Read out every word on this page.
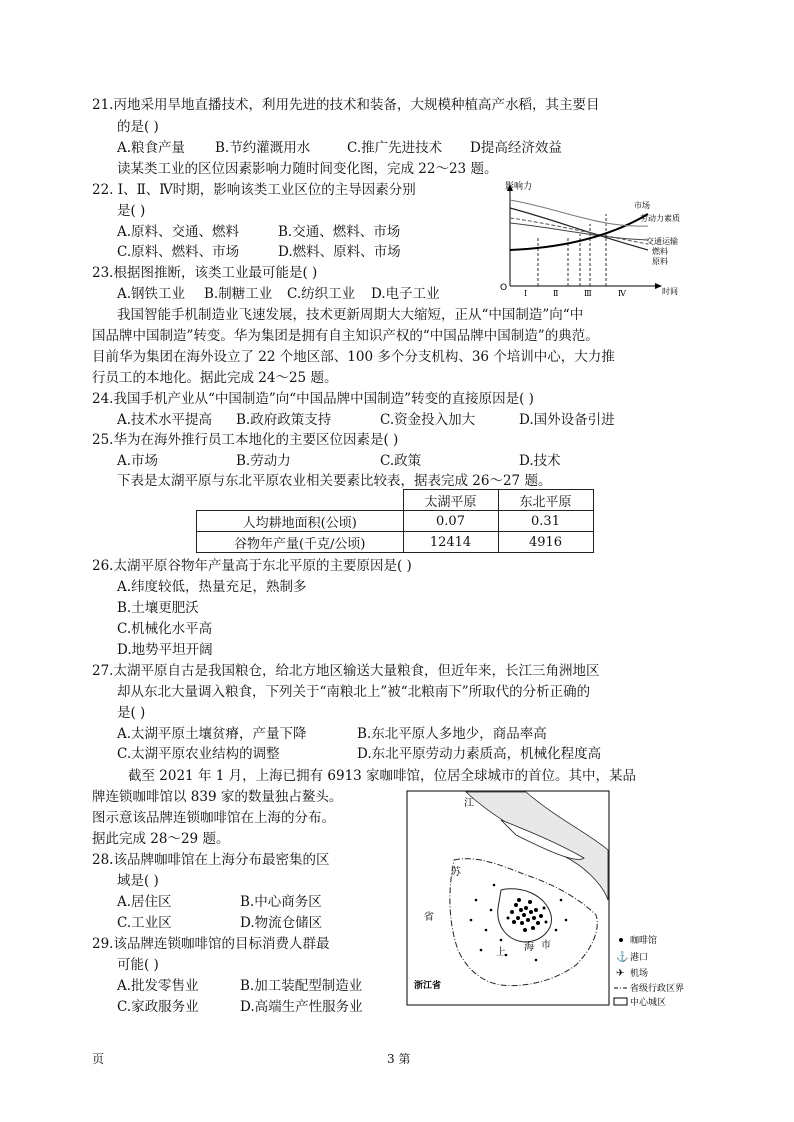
21.丙地采用旱地直播技术，利用先进的技术和装备，大规模种植高产水稻，其主要目
的是( )
A.粮食产量 B.节约灌溉用水	C.推广先进技术 D提高经济效益
读某类工业的区位因素影响力随时间变化图，完成 22～23 题。
22. Ⅰ、Ⅱ、Ⅳ时期，影响该类工业区位的主导因素分别
是( )
A.原料、交通、燃料	B.交通、燃料、市场
C.原料、燃料、市场	D.燃料、原料、市场
23.根据图推断，该类工业最可能是( )
A.钢铁工业 B.制糖工业 C.纺织工业 D.电子工业
影响力
O	时间
Ⅰ	Ⅱ	Ⅲ	Ⅳ
市场
劳动力素质
交通运输
燃料
原料
我国智能手机制造业飞速发展，技术更新周期大大缩短，正从“中国制造”向“中
国品牌中国制造”转变。华为集团是拥有自主知识产权的“中国品牌中国制造”的典范。
目前华为集团在海外设立了 22 个地区部、100 多个分支机构、36 个培训中心，大力推
行员工的本地化。据此完成 24～25 题。
24.我国手机产业从“中国制造”向“中国品牌中国制造”转变的直接原因是( )
A.技术水平提高 B.政府政策支持	C.资金投入加大	D.国外设备引进
25.华为在海外推行员工本地化的主要区位因素是( )
A.市场	B.劳动力	C.政策	D.技术
下表是太湖平原与东北平原农业相关要素比较表，据表完成 26～27 题。
	太湖平原	东北平原
人均耕地面积(公顷)	0.07	0.31
谷物年产量(千克/公顷)	12414	4916
26.太湖平原谷物年产量高于东北平原的主要原因是( )
A.纬度较低，热量充足，熟制多
B.土壤更肥沃
C.机械化水平高
D.地势平坦开阔
27.太湖平原自古是我国粮仓，给北方地区输送大量粮食，但近年来，长江三角洲地区
却从东北大量调入粮食，下列关于“南粮北上”被“北粮南下”所取代的分析正确的
是( )
A.太湖平原土壤贫瘠，产量下降	B.东北平原人多地少，商品率高
C.太湖平原农业结构的调整	D.东北平原劳动力素质高，机械化程度高
截至 2021 年 1 月，上海已拥有 6913 家咖啡馆，位居全球城市的首位。其中，某品
牌连锁咖啡馆以 839 家的数量独占鳌头。
图示意该品牌连锁咖啡馆在上海的分布。
据此完成 28～29 题。
28.该品牌咖啡馆在上海分布最密集的区
域是( )
A.居住区	B.中心商务区
C.工业区	D.物流仓储区
29.该品牌连锁咖啡馆的目标消费人群最
可能( )
A.批发零售业	B.加工装配型制造业
C.家政服务业	D.高端生产性服务业
江
苏
省
上 海 市
浙江省
咖啡馆
⚓ 港口
✈ 机场
省级行政区界
中心城区
页	3 第
